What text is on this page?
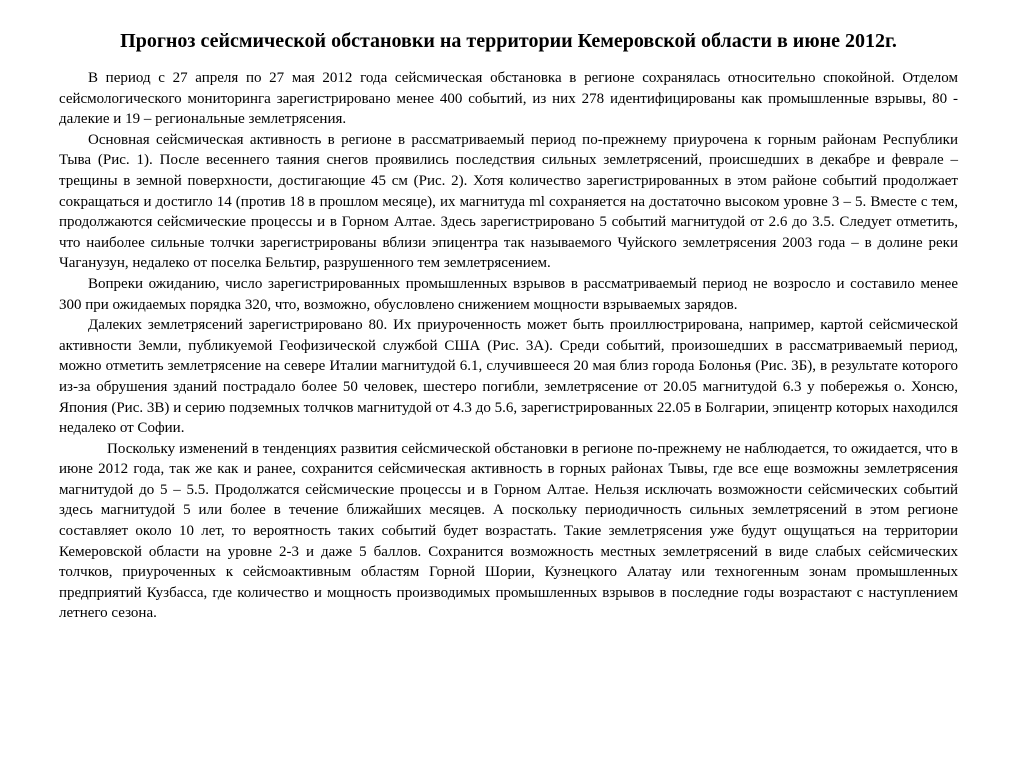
Прогноз сейсмической обстановки на территории Кемеровской области в июне 2012г.

В период с 27 апреля по 27 мая 2012 года сейсмическая обстановка в регионе сохранялась относительно спокойной. Отделом сейсмологического мониторинга зарегистрировано менее 400 событий, из них 278 идентифицированы как промышленные взрывы, 80 - далекие и 19 – региональные землетрясения.

Основная сейсмическая активность в регионе в рассматриваемый период по-прежнему приурочена к горным районам Республики Тыва (Рис. 1). После весеннего таяния снегов проявились последствия сильных землетрясений, происшедших в декабре и феврале – трещины в земной поверхности, достигающие 45 см (Рис. 2). Хотя количество зарегистрированных в этом районе событий продолжает сокращаться и достигло 14 (против 18 в прошлом месяце), их магнитуда ml сохраняется на достаточно высоком уровне 3 – 5. Вместе с тем, продолжаются сейсмические процессы и в Горном Алтае. Здесь зарегистрировано 5 событий магнитудой от 2.6 до 3.5. Следует отметить, что наиболее сильные толчки зарегистрированы вблизи эпицентра так называемого Чуйского землетрясения 2003 года – в долине реки Чаганузун, недалеко от поселка Бельтир, разрушенного тем землетрясением.

Вопреки ожиданию, число зарегистрированных промышленных взрывов в рассматриваемый период не возросло и составило менее 300 при ожидаемых порядка 320, что, возможно, обусловлено снижением мощности взрываемых зарядов.

Далеких землетрясений зарегистрировано 80. Их приуроченность может быть проиллюстрирована, например, картой сейсмической активности Земли, публикуемой Геофизической службой США (Рис. 3А). Среди событий, произошедших в рассматриваемый период, можно отметить землетрясение на севере Италии магнитудой 6.1, случившееся 20 мая близ города Болонья (Рис. 3Б), в результате которого из-за обрушения зданий пострадало более 50 человек, шестеро погибли, землетрясение от 20.05 магнитудой 6.3 у побережья о. Хонсю, Япония (Рис. 3В) и серию подземных толчков магнитудой от 4.3 до 5.6, зарегистрированных 22.05 в Болгарии, эпицентр которых находился недалеко от Софии.

Поскольку изменений в тенденциях развития сейсмической обстановки в регионе по-прежнему не наблюдается, то ожидается, что в июне 2012 года, так же как и ранее, сохранится сейсмическая активность в горных районах Тывы, где все еще возможны землетрясения магнитудой до 5 – 5.5. Продолжатся сейсмические процессы и в Горном Алтае. Нельзя исключать возможности сейсмических событий здесь магнитудой 5 или более в течение ближайших месяцев. А поскольку периодичность сильных землетрясений в этом регионе составляет около 10 лет, то вероятность таких событий будет возрастать. Такие землетрясения уже будут ощущаться на территории Кемеровской области на уровне 2-3 и даже 5 баллов. Сохранится возможность местных землетрясений в виде слабых сейсмических толчков, приуроченных к сейсмоактивным областям Горной Шории, Кузнецкого Алатау или техногенным зонам промышленных предприятий Кузбасса, где количество и мощность производимых промышленных взрывов в последние годы возрастают с наступлением летнего сезона.
